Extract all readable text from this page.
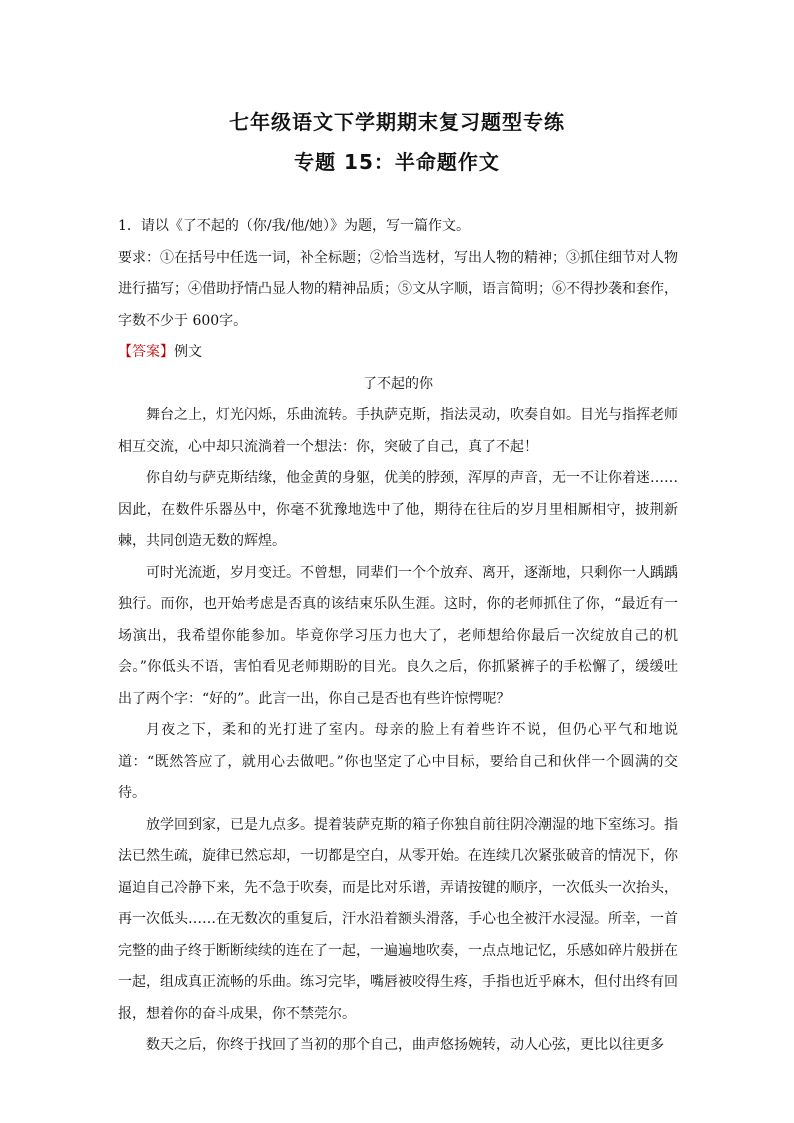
七年级语文下学期期末复习题型专练
专题 15：半命题作文

1．请以《了不起的（你/我/他/她）》为题，写一篇作文。

要求：①在括号中任选一词，补全标题；②恰当选材，写出人物的精神；③抓住细节对人物进行描写；④借助抒情凸显人物的精神品质；⑤文从字顺，语言简明；⑥不得抄袭和套作，字数不少于 600字。

【答案】例文

了不起的你

舞台之上，灯光闪烁，乐曲流转。手执萨克斯，指法灵动，吹奏自如。目光与指挥老师相互交流，心中却只流淌着一个想法：你，突破了自己，真了不起！

你自幼与萨克斯结缘，他金黄的身躯，优美的脖颈，浑厚的声音，无一不让你着迷……因此，在数件乐器丛中，你毫不犹豫地选中了他，期待在往后的岁月里相厮相守，披荆新棘，共同创造无数的辉煌。

可时光流逝，岁月变迁。不曾想，同辈们一个个放弃、离开，逐渐地，只剩你一人踽踽独行。而你，也开始考虑是否真的该结束乐队生涯。这时，你的老师抓住了你，“最近有一场演出，我希望你能参加。毕竟你学习压力也大了，老师想给你最后一次绽放自己的机会。”你低头不语，害怕看见老师期盼的目光。良久之后，你抓紧裤子的手松懈了，缓缓吐出了两个字：“好的”。此言一出，你自己是否也有些许惊愕呢？

月夜之下，柔和的光打进了室内。母亲的脸上有着些许不说，但仍心平气和地说道：“既然答应了，就用心去做吧。”你也坚定了心中目标，要给自己和伙伴一个圆满的交待。

放学回到家，已是九点多。提着装萨克斯的箱子你独自前往阴冷潮湿的地下室练习。指法已然生疏，旋律已然忘却，一切都是空白，从零开始。在连续几次紧张破音的情况下，你逼迫自己冷静下来，先不急于吹奏，而是比对乐谱，弄请按键的顺序，一次低头一次抬头，再一次低头……在无数次的重复后，汗水沿着额头滑落，手心也全被汗水浸湿。所幸，一首完整的曲子终于断断续续的连在了一起，一遍遍地吹奏，一点点地记忆，乐感如碎片般拼在一起，组成真正流畅的乐曲。练习完毕，嘴唇被咬得生疼，手指也近乎麻木，但付出终有回报，想着你的奋斗成果，你不禁莞尔。

数天之后，你终于找回了当初的那个自己，曲声悠扬婉转，动人心弦，更比以往更多
